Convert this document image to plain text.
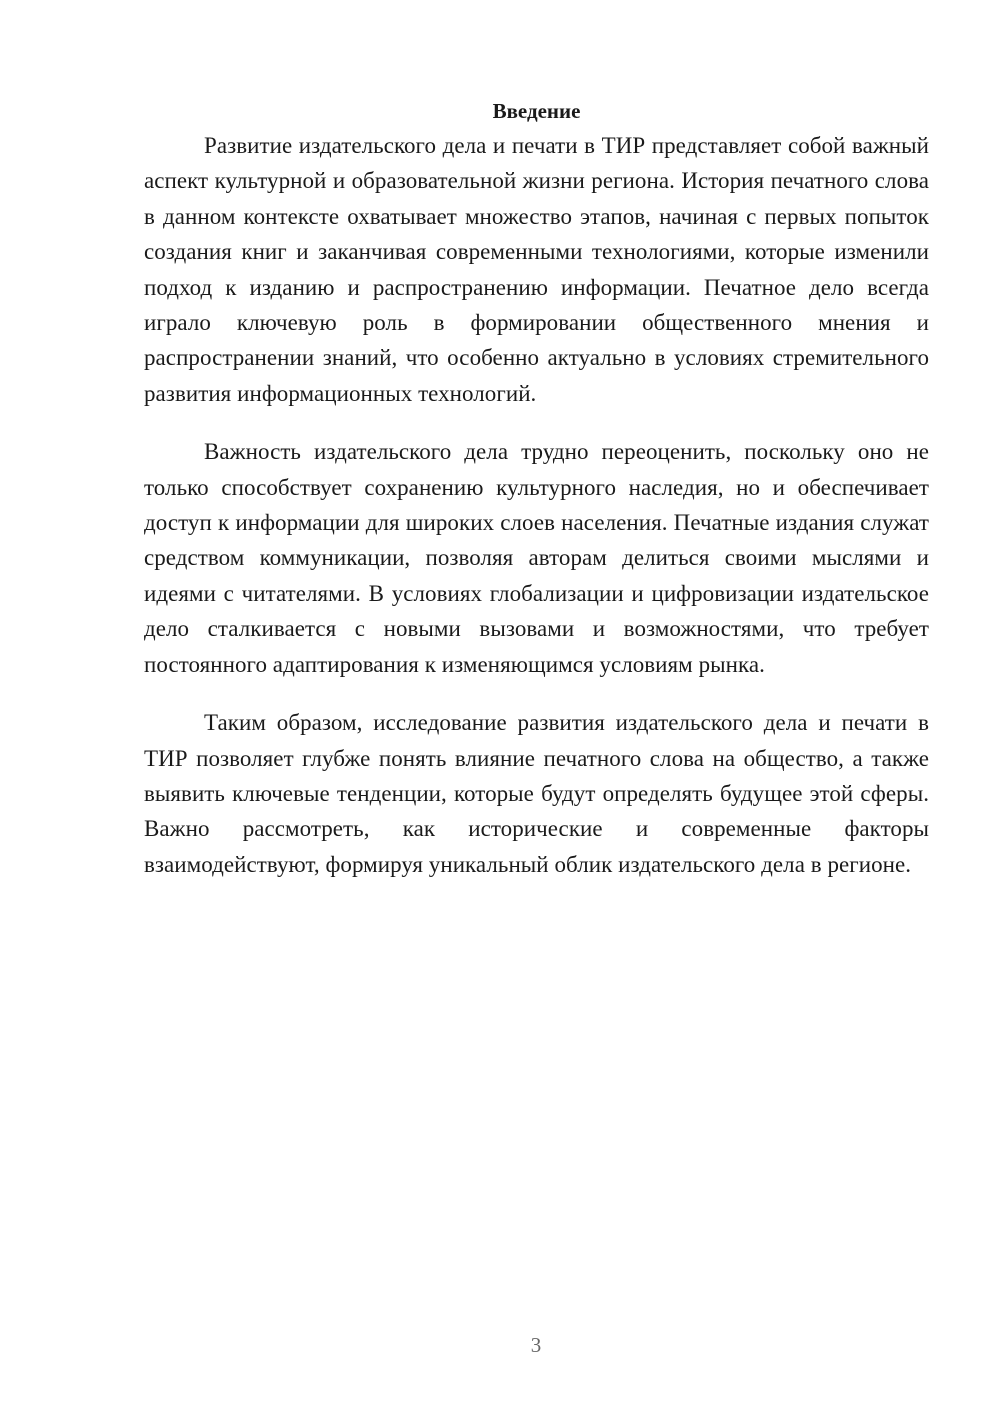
Введение

Развитие издательского дела и печати в ТИР представляет собой важный аспект культурной и образовательной жизни региона. История печатного слова в данном контексте охватывает множество этапов, начиная с первых попыток создания книг и заканчивая современными технологиями, которые изменили подход к изданию и распространению информации. Печатное дело всегда играло ключевую роль в формировании общественного мнения и распространении знаний, что особенно актуально в условиях стремительного развития информационных технологий.

Важность издательского дела трудно переоценить, поскольку оно не только способствует сохранению культурного наследия, но и обеспечивает доступ к информации для широких слоев населения. Печатные издания служат средством коммуникации, позволяя авторам делиться своими мыслями и идеями с читателями. В условиях глобализации и цифровизации издательское дело сталкивается с новыми вызовами и возможностями, что требует постоянного адаптирования к изменяющимся условиям рынка.

Таким образом, исследование развития издательского дела и печати в ТИР позволяет глубже понять влияние печатного слова на общество, а также выявить ключевые тенденции, которые будут определять будущее этой сферы. Важно рассмотреть, как исторические и современные факторы взаимодействуют, формируя уникальный облик издательского дела в регионе.

3
